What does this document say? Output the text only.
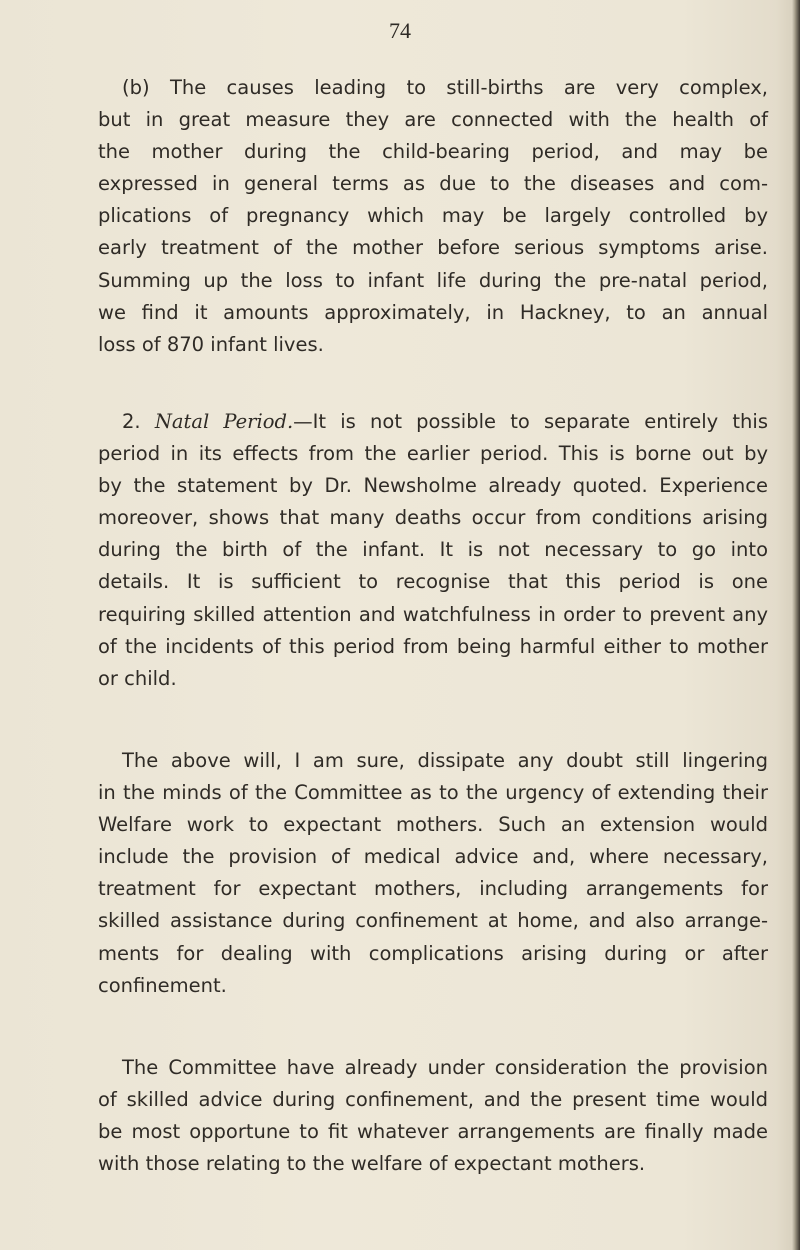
74
(b) The causes leading to still-births are very complex,
but in great measure they are connected with the health of
the mother during the child-bearing period, and may be
expressed in general terms as due to the diseases and com-
plications of pregnancy which may be largely controlled by
early treatment of the mother before serious symptoms arise.
Summing up the loss to infant life during the pre-natal period,
we find it amounts approximately, in Hackney, to an annual
loss of 870 infant lives.
2. Natal Period.—It is not possible to separate entirely this
period in its effects from the earlier period. This is borne out by
by the statement by Dr. Newsholme already quoted. Experience
moreover, shows that many deaths occur from conditions arising
during the birth of the infant. It is not necessary to go into
details. It is sufficient to recognise that this period is one
requiring skilled attention and watchfulness in order to prevent any
of the incidents of this period from being harmful either to mother
or child.
The above will, I am sure, dissipate any doubt still lingering
in the minds of the Committee as to the urgency of extending their
Welfare work to expectant mothers. Such an extension would
include the provision of medical advice and, where necessary,
treatment for expectant mothers, including arrangements for
skilled assistance during confinement at home, and also arrange-
ments for dealing with complications arising during or after
confinement.
The Committee have already under consideration the provision
of skilled advice during confinement, and the present time would
be most opportune to fit whatever arrangements are finally made
with those relating to the welfare of expectant mothers.
